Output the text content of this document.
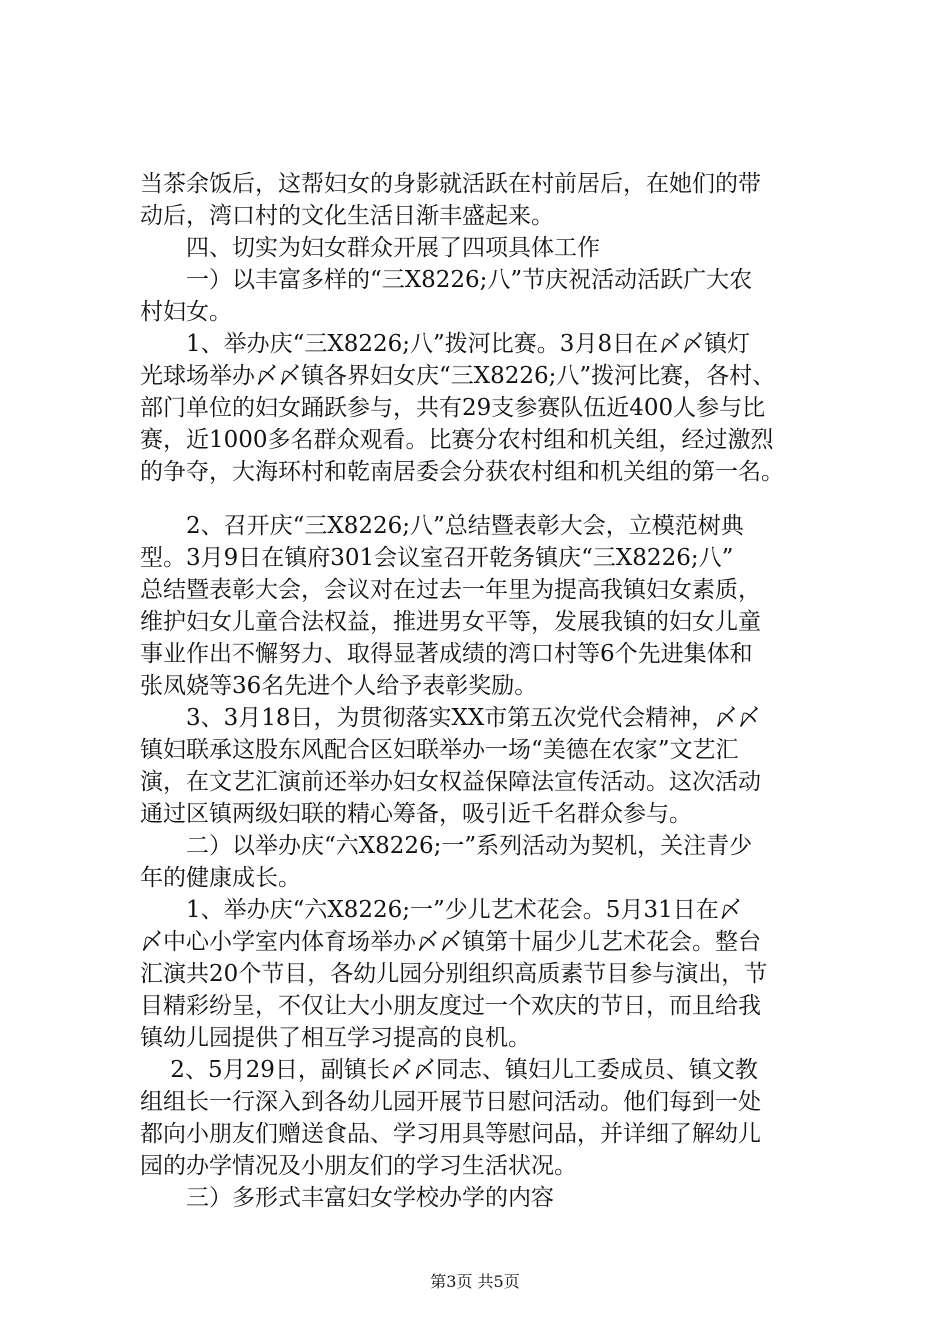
当茶余饭后，这帮妇女的身影就活跃在村前居后，在她们的带
动后，湾口村的文化生活日渐丰盛起来。
　　四、切实为妇女群众开展了四项具体工作
　　一）以丰富多样的“三X8226;八”节庆祝活动活跃广大农
村妇女。
　　1、举办庆“三X8226;八”拨河比赛。3月8日在〆〆镇灯
光球场举办〆〆镇各界妇女庆“三X8226;八”拨河比赛，各村、
部门单位的妇女踊跃参与，共有29支参赛队伍近400人参与比
赛，近1000多名群众观看。比赛分农村组和机关组，经过激烈
的争夺，大海环村和乾南居委会分获农村组和机关组的第一名。
　　2、召开庆“三X8226;八”总结暨表彰大会，立模范树典
型。3月9日在镇府301会议室召开乾务镇庆“三X8226;八”
总结暨表彰大会，会议对在过去一年里为提高我镇妇女素质，
维护妇女儿童合法权益，推进男女平等，发展我镇的妇女儿童
事业作出不懈努力、取得显著成绩的湾口村等6个先进集体和
张凤娆等36名先进个人给予表彰奖励。
　　3、3月18日，为贯彻落实XX市第五次党代会精神，〆〆
镇妇联承这股东风配合区妇联举办一场“美德在农家”文艺汇
演，在文艺汇演前还举办妇女权益保障法宣传活动。这次活动
通过区镇两级妇联的精心筹备，吸引近千名群众参与。
　　二）以举办庆“六X8226;一”系列活动为契机，关注青少
年的健康成长。
　　1、举办庆“六X8226;一”少儿艺术花会。5月31日在〆
〆中心小学室内体育场举办〆〆镇第十届少儿艺术花会。整台
汇演共20个节目，各幼儿园分别组织高质素节目参与演出，节
目精彩纷呈，不仅让大小朋友度过一个欢庆的节日，而且给我
镇幼儿园提供了相互学习提高的良机。
　 2、5月29日，副镇长〆〆同志、镇妇儿工委成员、镇文教
组组长一行深入到各幼儿园开展节日慰问活动。他们每到一处
都向小朋友们赠送食品、学习用具等慰问品，并详细了解幼儿
园的办学情况及小朋友们的学习生活状况。
　　三）多形式丰富妇女学校办学的内容
第3页 共5页
